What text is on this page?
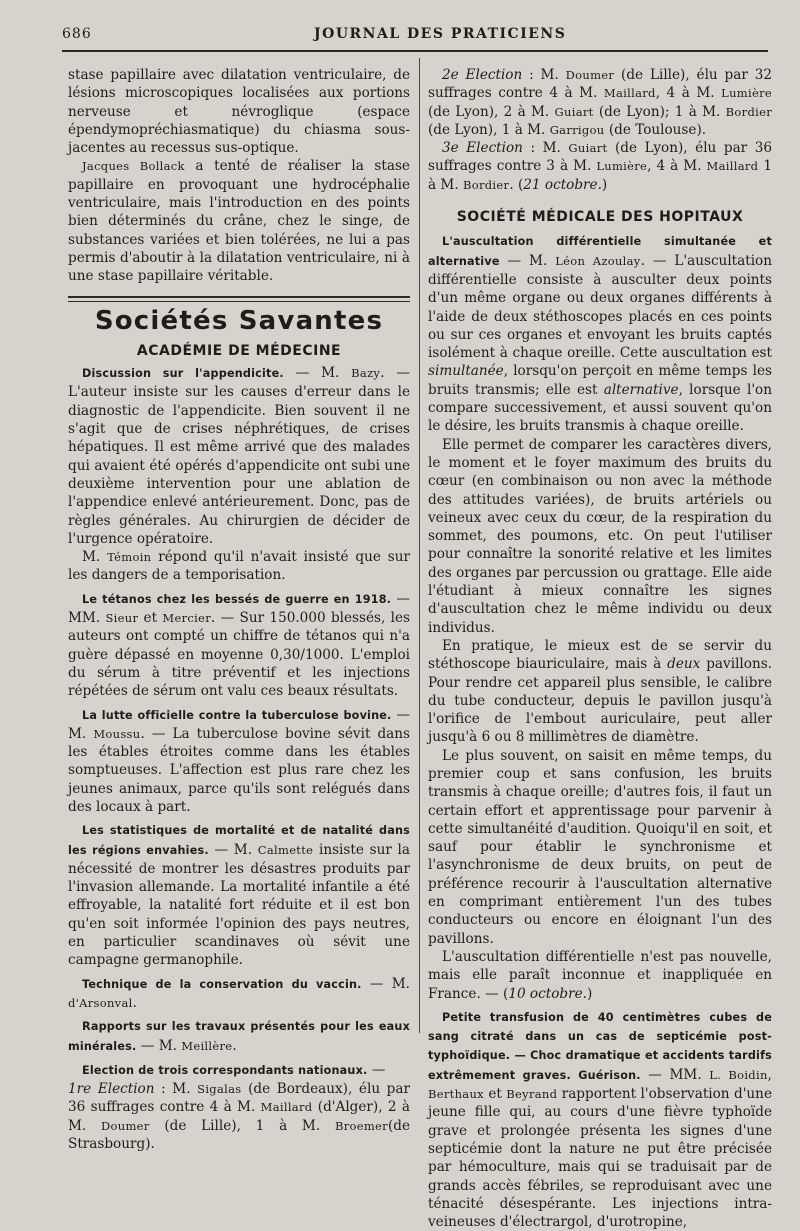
686	JOURNAL DES PRATICIENS

stase papillaire avec dilatation ventriculaire, de lésions microscopiques localisées aux portions nerveuse et névroglique (espace épendymopréchiasmatique) du chiasma sous-jacentes au recessus sus-optique.

Jacques Bollack a tenté de réaliser la stase papillaire en provoquant une hydrocéphalie ventriculaire, mais l'introduction en des points bien déterminés du crâne, chez le singe, de substances variées et bien tolérées, ne lui a pas permis d'aboutir à la dilatation ventriculaire, ni à une stase papillaire véritable.

Sociétés Savantes
ACADÉMIE DE MÉDECINE

Discussion sur l'appendicite. — M. Bazy. — L'auteur insiste sur les causes d'erreur dans le diagnostic de l'appendicite. Bien souvent il ne s'agit que de crises néphrétiques, de crises hépatiques. Il est même arrivé que des malades qui avaient été opérés d'appendicite ont subi une deuxième intervention pour une ablation de l'appendice enlevé antérieurement. Donc, pas de règles générales. Au chirurgien de décider de l'urgence opératoire.

M. Témoin répond qu'il n'avait insisté que sur les dangers de a temporisation.

Le tétanos chez les bessés de guerre en 1918. — MM. Sieur et Mercier. — Sur 150.000 blessés, les auteurs ont compté un chiffre de tétanos qui n'a guère dépassé en moyenne 0,30/1000. L'emploi du sérum à titre préventif et les injections répétées de sérum ont valu ces beaux résultats.

La lutte officielle contre la tuberculose bovine. — M. Moussu. — La tuberculose bovine sévit dans les étables étroites comme dans les étables somptueuses. L'affection est plus rare chez les jeunes animaux, parce qu'ils sont relégués dans des locaux à part.

Les statistiques de mortalité et de natalité dans les régions envahies. — M. Calmette insiste sur la nécessité de montrer les désastres produits par l'invasion allemande. La mortalité infantile a été effroyable, la natalité fort réduite et il est bon qu'en soit informée l'opinion des pays neutres, en particulier scandinaves où sévit une campagne germanophile.

Technique de la conservation du vaccin. — M. d'Arsonval.

Rapports sur les travaux présentés pour les eaux minérales. — M. Meillère.

Election de trois correspondants nationaux. —
1re Election : M. Sigalas (de Bordeaux), élu par 36 suffrages contre 4 à M. Maillard (d'Alger), 2 à M. Doumer (de Lille), 1 à M. Broemer(de Strasbourg).

2e Election : M. Doumer (de Lille), élu par 32 suffrages contre 4 à M. Maillard, 4 à M. Lumière (de Lyon), 2 à M. Guiart (de Lyon); 1 à M. Bordier (de Lyon), 1 à M. Garrigou (de Toulouse).

3e Election : M. Guiart (de Lyon), élu par 36 suffrages contre 3 à M. Lumière, 4 à M. Maillard 1 à M. Bordier. (21 octobre.)

SOCIÉTÉ MÉDICALE DES HOPITAUX

L'auscultation différentielle simultanée et alternative — M. Léon Azoulay. — L'auscultation différentielle consiste à ausculter deux points d'un même organe ou deux organes différents à l'aide de deux stéthoscopes placés en ces points ou sur ces organes et envoyant les bruits captés isolément à chaque oreille. Cette auscultation est simultanée, lorsqu'on perçoit en même temps les bruits transmis; elle est alternative, lorsque l'on compare successivement, et aussi souvent qu'on le désire, les bruits transmis à chaque oreille.

Elle permet de comparer les caractères divers, le moment et le foyer maximum des bruits du cœur (en combinaison ou non avec la méthode des attitudes variées), de bruits artériels ou veineux avec ceux du cœur, de la respiration du sommet, des poumons, etc. On peut l'utiliser pour connaître la sonorité relative et les limites des organes par percussion ou grattage. Elle aide l'étudiant à mieux connaître les signes d'auscultation chez le même individu ou deux individus.

En pratique, le mieux est de se servir du stéthoscope biauriculaire, mais à deux pavillons. Pour rendre cet appareil plus sensible, le calibre du tube conducteur, depuis le pavillon jusqu'à l'orifice de l'embout auriculaire, peut aller jusqu'à 6 ou 8 millimètres de diamètre.

Le plus souvent, on saisit en même temps, du premier coup et sans confusion, les bruits transmis à chaque oreille; d'autres fois, il faut un certain effort et apprentissage pour parvenir à cette simultanéité d'audition. Quoiqu'il en soit, et sauf pour établir le synchronisme et l'asynchronisme de deux bruits, on peut de préférence recourir à l'auscultation alternative en comprimant entièrement l'un des tubes conducteurs ou encore en éloignant l'un des pavillons.

L'auscultation différentielle n'est pas nouvelle, mais elle paraît inconnue et inappliquée en France. — (10 octobre.)

Petite transfusion de 40 centimètres cubes de sang citraté dans un cas de septicémie post-typhoïdique. — Choc dramatique et accidents tardifs extrêmement graves. Guérison. — MM. L. Boidin, Berthaux et Beyrand rapportent l'observation d'une jeune fille qui, au cours d'une fièvre typhoïde grave et prolongée présenta les signes d'une septicémie dont la nature ne put être précisée par hémoculture, mais qui se traduisait par de grands accès fébriles, se reproduisant avec une ténacité désespérante. Les injections intra-veineuses d'électrargol, d'urotropine,
